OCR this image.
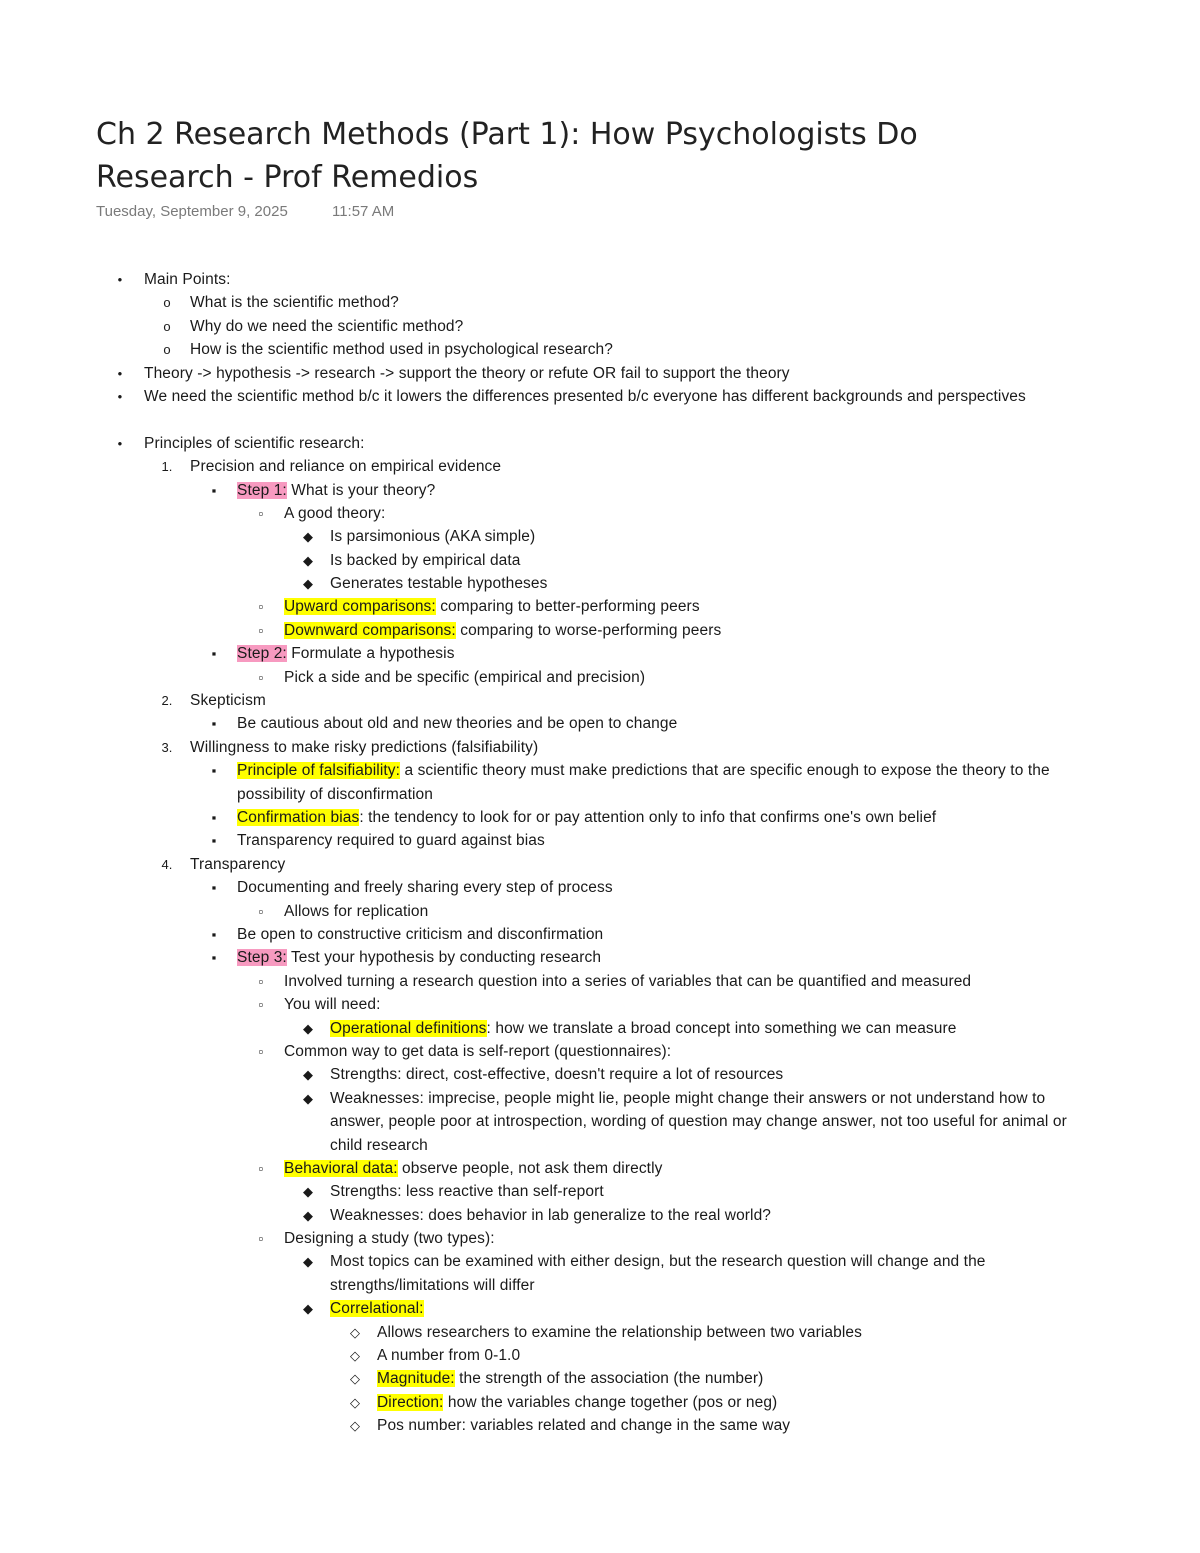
Ch 2 Research Methods (Part 1): How Psychologists Do Research - Prof Remedios
Tuesday, September 9, 2025	11:57 AM
•	Main Points:
o	What is the scientific method?
o	Why do we need the scientific method?
o	How is the scientific method used in psychological research?
•	Theory -> hypothesis -> research -> support the theory or refute OR fail to support the theory
•	We need the scientific method b/c it lowers the differences presented b/c everyone has different backgrounds and perspectives
•	Principles of scientific research:
1.	Precision and reliance on empirical evidence
▪	Step 1: What is your theory?
▫	A good theory:
◆	Is parsimonious (AKA simple)
◆	Is backed by empirical data
◆	Generates testable hypotheses
▫	Upward comparisons: comparing to better-performing peers
▫	Downward comparisons: comparing to worse-performing peers
▪	Step 2: Formulate a hypothesis
▫	Pick a side and be specific (empirical and precision)
2.	Skepticism
▪	Be cautious about old and new theories and be open to change
3.	Willingness to make risky predictions (falsifiability)
▪	Principle of falsifiability: a scientific theory must make predictions that are specific enough to expose the theory to the possibility of disconfirmation
▪	Confirmation bias: the tendency to look for or pay attention only to info that confirms one's own belief
▪	Transparency required to guard against bias
4.	Transparency
▪	Documenting and freely sharing every step of process
▫	Allows for replication
▪	Be open to constructive criticism and disconfirmation
▪	Step 3: Test your hypothesis by conducting research
▫	Involved turning a research question into a series of variables that can be quantified and measured
▫	You will need:
◆	Operational definitions: how we translate a broad concept into something we can measure
▫	Common way to get data is self-report (questionnaires):
◆	Strengths: direct, cost-effective, doesn't require a lot of resources
◆	Weaknesses: imprecise, people might lie, people might change their answers or not understand how to answer, people poor at introspection, wording of question may change answer, not too useful for animal or child research
▫	Behavioral data: observe people, not ask them directly
◆	Strengths: less reactive than self-report
◆	Weaknesses: does behavior in lab generalize to the real world?
▫	Designing a study (two types):
◆	Most topics can be examined with either design, but the research question will change and the strengths/limitations will differ
◆	Correlational:
◇	Allows researchers to examine the relationship between two variables
◇	A number from 0-1.0
◇	Magnitude: the strength of the association (the number)
◇	Direction: how the variables change together (pos or neg)
◇	Pos number: variables related and change in the same way
